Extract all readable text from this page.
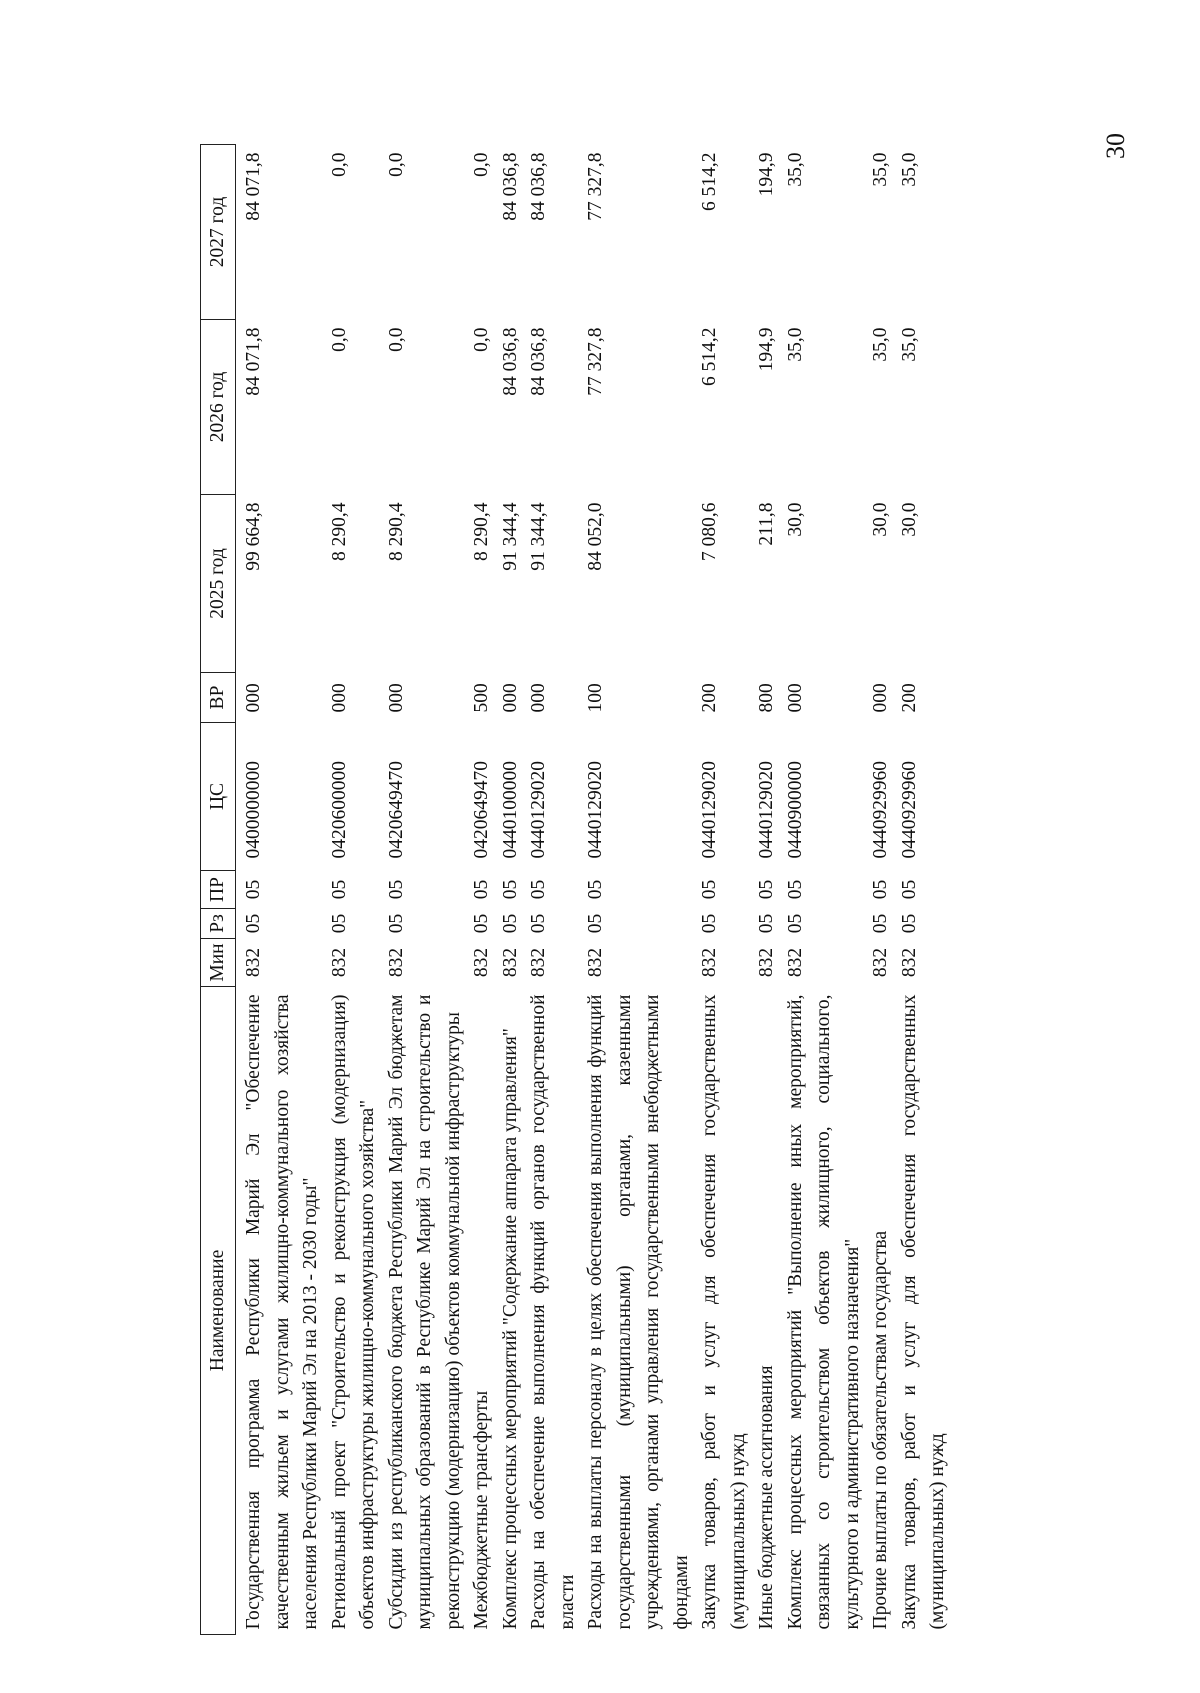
30
Наименование	Мин	Рз	ПР	ЦС	ВР	2025 год	2026 год	2027 год

Государственная программа Республики Марий Эл "Обеспечение качественным жильем и услугами жилищно-коммунального хозяйства населения Республики Марий Эл на 2013 - 2030 годы"	832	05	05	0400000000	000	99 664,8	84 071,8	84 071,8
Региональный проект "Строительство и реконструкция (модернизация) объектов инфраструктуры жилищно-коммунального хозяйства"	832	05	05	0420600000	000	8 290,4	0,0	0,0
Субсидии из республиканского бюджета Республики Марий Эл бюджетам муниципальных образований в Республике Марий Эл на строительство и реконструкцию (модернизацию) объектов коммунальной инфраструктуры	832	05	05	0420649470	000	8 290,4	0,0	0,0
Межбюджетные трансферты	832	05	05	0420649470	500	8 290,4	0,0	0,0
Комплекс процессных мероприятий "Содержание аппарата управления"	832	05	05	0440100000	000	91 344,4	84 036,8	84 036,8
Расходы на обеспечение выполнения функций органов государственной власти	832	05	05	0440129020	000	91 344,4	84 036,8	84 036,8
Расходы на выплаты персоналу в целях обеспечения выполнения функций государственными (муниципальными) органами, казенными учреждениями, органами управления государственными внебюджетными фондами	832	05	05	0440129020	100	84 052,0	77 327,8	77 327,8
Закупка товаров, работ и услуг для обеспечения государственных (муниципальных) нужд	832	05	05	0440129020	200	7 080,6	6 514,2	6 514,2
Иные бюджетные ассигнования	832	05	05	0440129020	800	211,8	194,9	194,9
Комплекс процессных мероприятий "Выполнение иных мероприятий, связанных со строительством объектов жилищного, социального, культурного и административного назначения"	832	05	05	0440900000	000	30,0	35,0	35,0
Прочие выплаты по обязательствам государства	832	05	05	0440929960	000	30,0	35,0	35,0
Закупка товаров, работ и услуг для обеспечения государственных (муниципальных) нужд	832	05	05	0440929960	200	30,0	35,0	35,0
